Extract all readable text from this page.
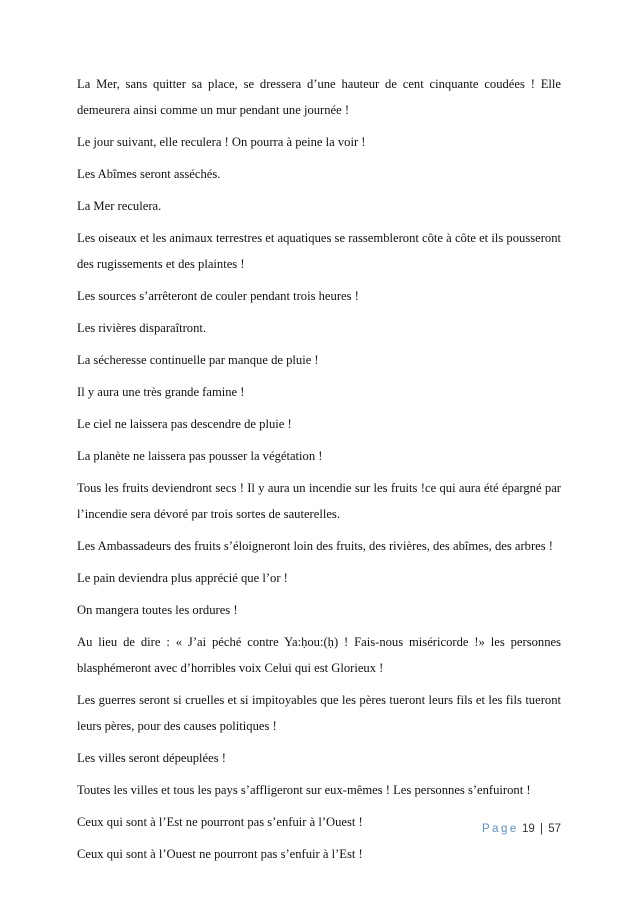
La Mer, sans quitter sa place, se dressera d’une hauteur de cent cinquante coudées ! Elle demeurera ainsi comme un mur pendant une journée !

Le jour suivant, elle reculera ! On pourra à peine la voir !

Les Abîmes seront asséchés.

La Mer reculera.

Les oiseaux et les animaux terrestres et aquatiques se rassembleront côte à côte et ils pousseront des rugissements et des plaintes !

Les sources s’arrêteront de couler pendant trois heures !

Les rivières disparaîtront.

La sécheresse continuelle par manque de pluie !

Il y aura une très grande famine !

Le ciel ne laissera pas descendre de pluie !

La planète ne laissera pas pousser la végétation !

Tous les fruits deviendront secs ! Il y aura un incendie sur les fruits !ce qui aura été épargné par l’incendie sera dévoré par trois sortes de sauterelles.

Les Ambassadeurs des fruits s’éloigneront loin des fruits, des rivières, des abîmes, des arbres !

Le pain deviendra plus apprécié que l’or !

On mangera toutes les ordures !

Au lieu de dire : « J’ai péché contre Ya:ḥou:(ḥ) ! Fais-nous miséricorde !» les personnes blasphémeront avec d’horribles voix Celui qui est Glorieux !

Les guerres seront si cruelles et si impitoyables que les pères tueront leurs fils et les fils tueront leurs pères, pour des causes politiques !

Les villes seront dépeuplées !

Toutes les villes et tous les pays s’affligeront sur eux-mêmes ! Les personnes s’enfuiront !

Ceux qui sont à l’Est ne pourront pas s’enfuir à l’Ouest !

Ceux qui sont à l’Ouest ne pourront pas s’enfuir à l’Est !

Page 19 | 57
